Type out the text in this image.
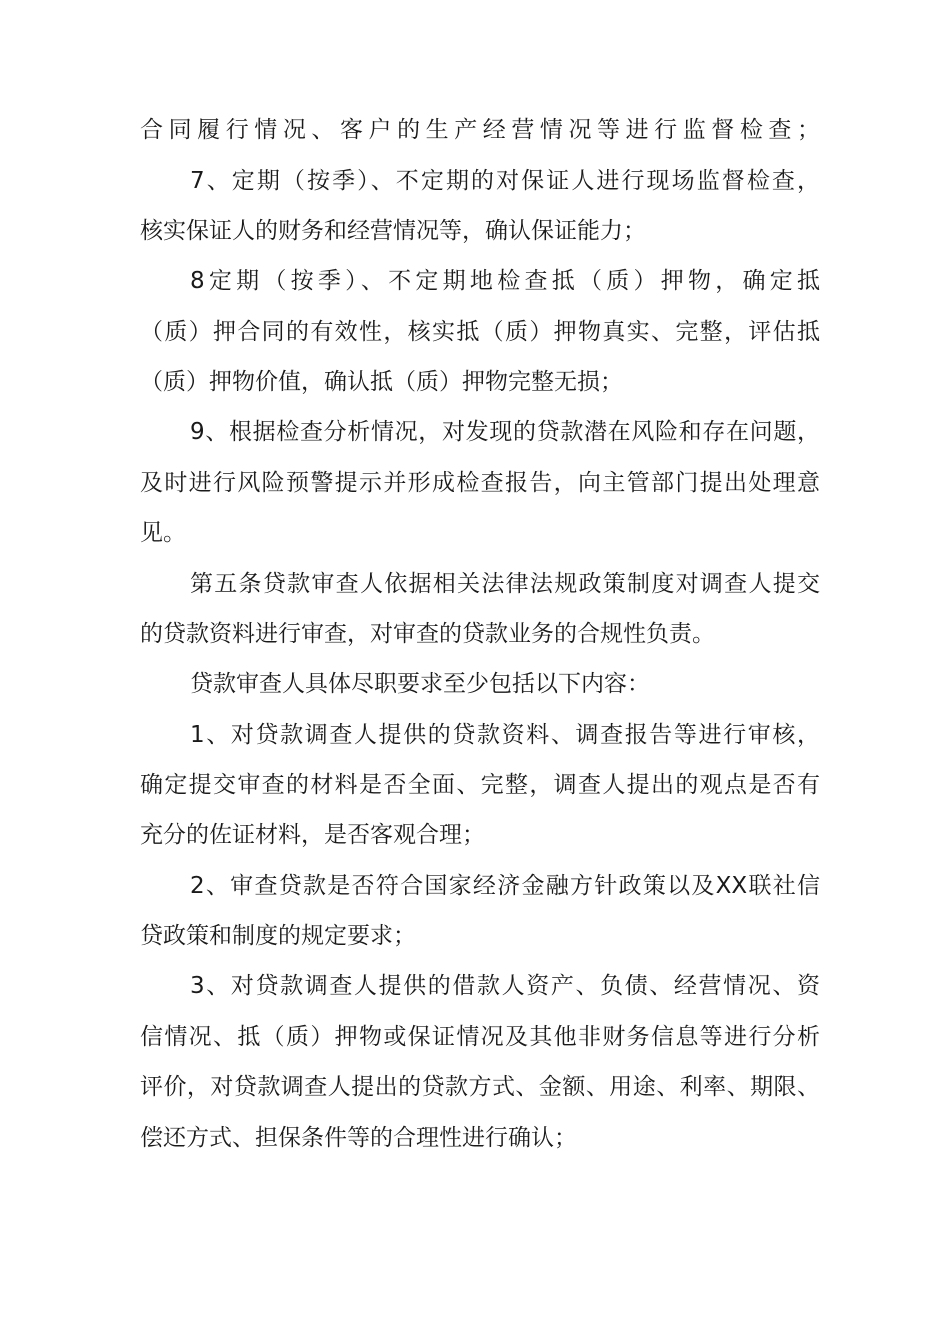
合同履行情况、客户的生产经营情况等进行监督检查；
7、定期（按季）、不定期的对保证人进行现场监督检查，
核实保证人的财务和经营情况等，确认保证能力；
8定期（按季）、不定期地检查抵（质）押物，确定抵
（质）押合同的有效性，核实抵（质）押物真实、完整，评估抵
（质）押物价值，确认抵（质）押物完整无损；
9、根据检查分析情况，对发现的贷款潜在风险和存在问题，
及时进行风险预警提示并形成检查报告，向主管部门提出处理意
见。
第五条贷款审查人依据相关法律法规政策制度对调查人提交
的贷款资料进行审查，对审查的贷款业务的合规性负责。
贷款审查人具体尽职要求至少包括以下内容：
1、对贷款调查人提供的贷款资料、调查报告等进行审核，
确定提交审查的材料是否全面、完整，调查人提出的观点是否有
充分的佐证材料，是否客观合理；
2、审查贷款是否符合国家经济金融方针政策以及XX联社信
贷政策和制度的规定要求；
3、对贷款调查人提供的借款人资产、负债、经营情况、资
信情况、抵（质）押物或保证情况及其他非财务信息等进行分析
评价，对贷款调查人提出的贷款方式、金额、用途、利率、期限、
偿还方式、担保条件等的合理性进行确认；
